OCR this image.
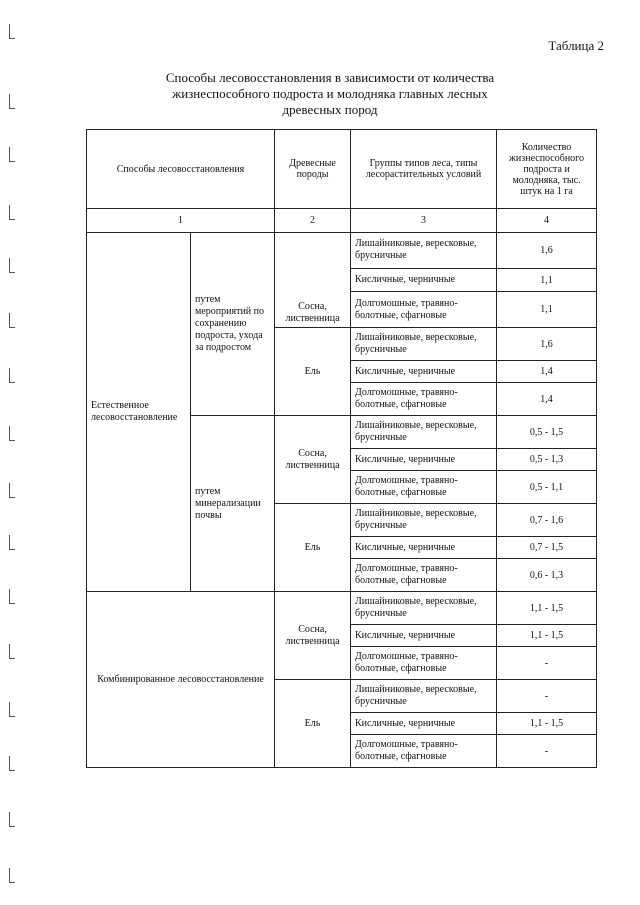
Таблица 2
Способы лесовосстановления в зависимости от количества
жизнеспособного подроста и молодняка главных лесных
древесных пород
Способы лесовосстановления		Древесные породы	Группы типов леса, типы лесорастительных условий	Количество жизнеспособного подроста и молодняка, тыс. штук на 1 га
1		2	3	4
Естественное лесовосстановление	путем мероприятий по сохранению подроста, ухода за подростом	Сосна, лиственница	Лишайниковые, вересковые, брусничные	1,6
			Кисличные, черничные	1,1
			Долгомошные, травяно-болотные, сфагновые	1,1
		Ель	Лишайниковые, вересковые, брусничные	1,6
			Кисличные, черничные	1,4
			Долгомошные, травяно-болотные, сфагновые	1,4
	путем минерализации почвы	Сосна, лиственница	Лишайниковые, вересковые, брусничные	0,5 - 1,5
			Кисличные, черничные	0,5 - 1,3
			Долгомошные, травяно-болотные, сфагновые	0,5 - 1,1
		Ель	Лишайниковые, вересковые, брусничные	0,7 - 1,6
			Кисличные, черничные	0,7 - 1,5
			Долгомошные, травяно-болотные, сфагновые	0,6 - 1,3
Комбинированное лесовосстановление		Сосна, лиственница	Лишайниковые, вересковые, брусничные	1,1 - 1,5
			Кисличные, черничные	1,1 - 1,5
			Долгомошные, травяно-болотные, сфагновые	-
		Ель	Лишайниковые, вересковые, брусничные	-
			Кисличные, черничные	1,1 - 1,5
			Долгомошные, травяно-болотные, сфагновые	-
